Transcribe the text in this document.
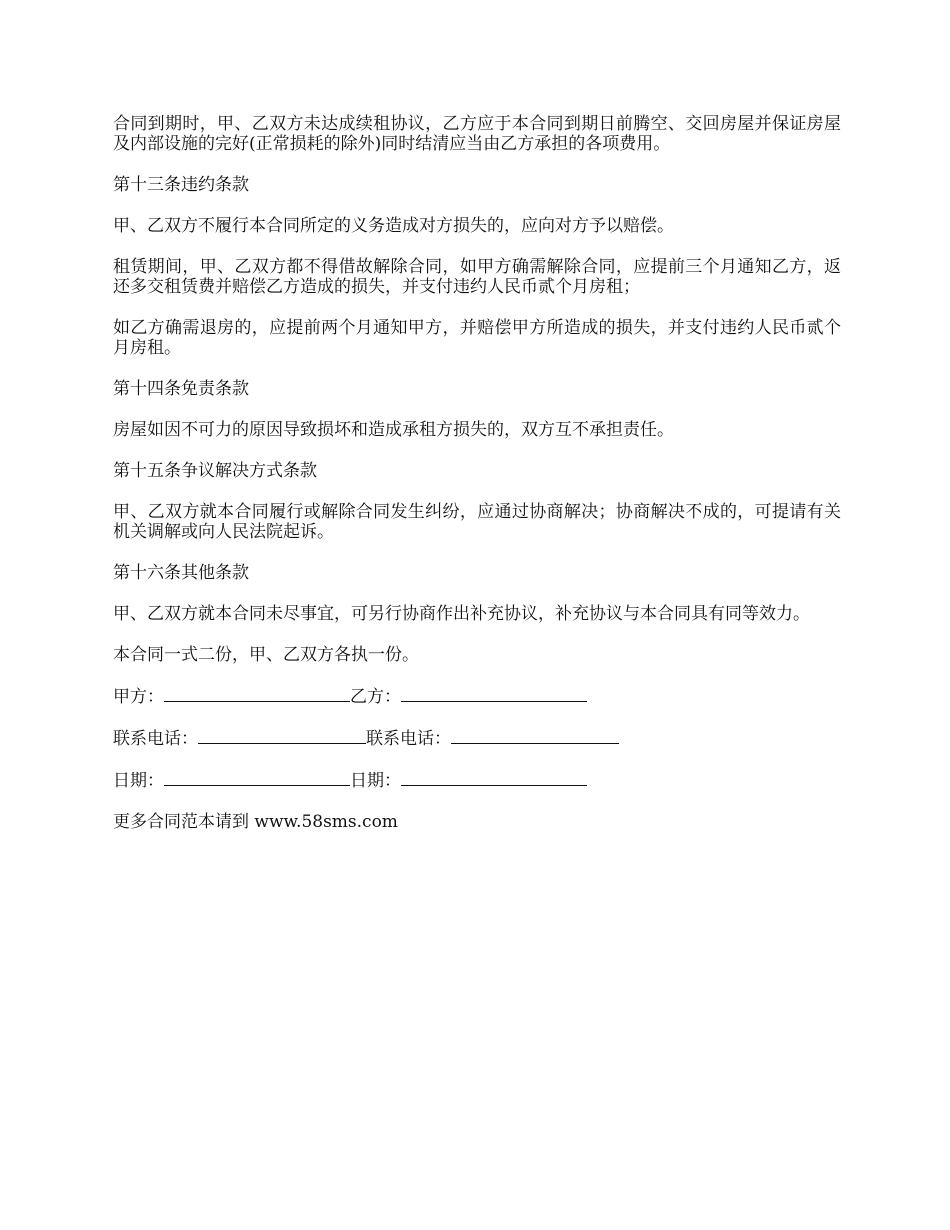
合同到期时，甲、乙双方未达成续租协议，乙方应于本合同到期日前腾空、交回房屋并保证房屋及内部设施的完好(正常损耗的除外)同时结清应当由乙方承担的各项费用。

第十三条违约条款

甲、乙双方不履行本合同所定的义务造成对方损失的，应向对方予以赔偿。

租赁期间，甲、乙双方都不得借故解除合同，如甲方确需解除合同，应提前三个月通知乙方，返还多交租赁费并赔偿乙方造成的损失，并支付违约人民币贰个月房租；

如乙方确需退房的，应提前两个月通知甲方，并赔偿甲方所造成的损失，并支付违约人民币贰个月房租。

第十四条免责条款

房屋如因不可力的原因导致损坏和造成承租方损失的，双方互不承担责任。

第十五条争议解决方式条款

甲、乙双方就本合同履行或解除合同发生纠纷，应通过协商解决；协商解决不成的，可提请有关机关调解或向人民法院起诉。

第十六条其他条款

甲、乙双方就本合同未尽事宜，可另行协商作出补充协议，补充协议与本合同具有同等效力。

本合同一式二份，甲、乙双方各执一份。

甲方：	乙方：
联系电话：	联系电话：
日期：	日期：

更多合同范本请到 www.58sms.com
